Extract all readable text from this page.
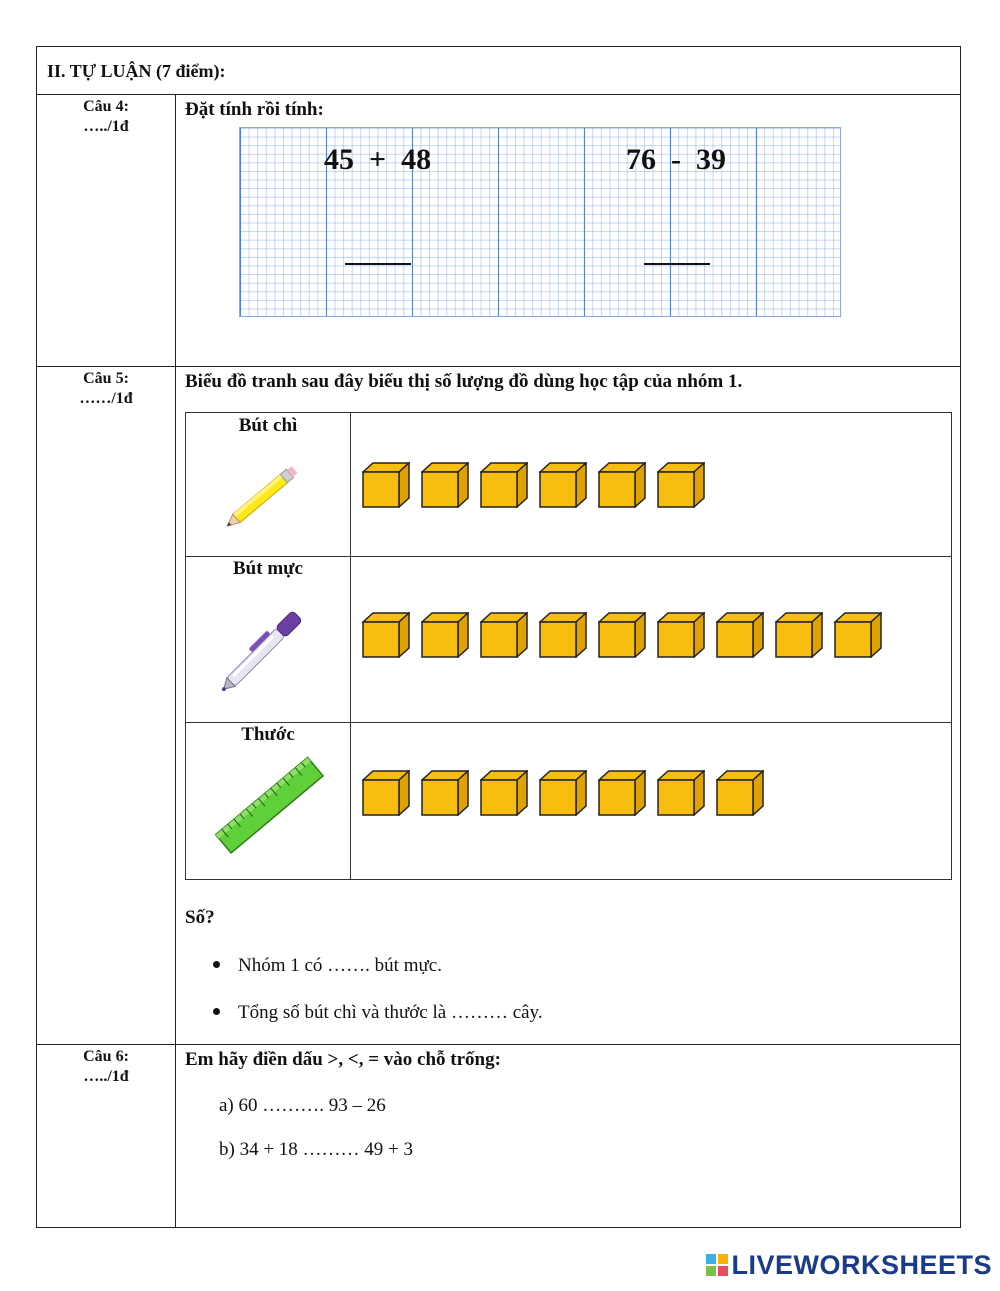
II. TỰ LUẬN (7 điểm):
Câu 4:
…../1đ
Đặt tính rồi tính:
45  +  48	76  -  39
Câu 5:
……/1đ
Biểu đồ tranh sau đây biểu thị số lượng đồ dùng học tập của nhóm 1.
Bút chì
Bút mực
Thước
Câu 6:
…../1đ
Em hãy điền dấu >, <, = vào chỗ trống:
a) 60 ………. 93 – 26
b) 34 + 18 ……… 49 + 3
Số?
Nhóm 1 có ……. bút mực.
Tổng số bút chì và thước là ……… cây.
LIVEWORKSHEETS
